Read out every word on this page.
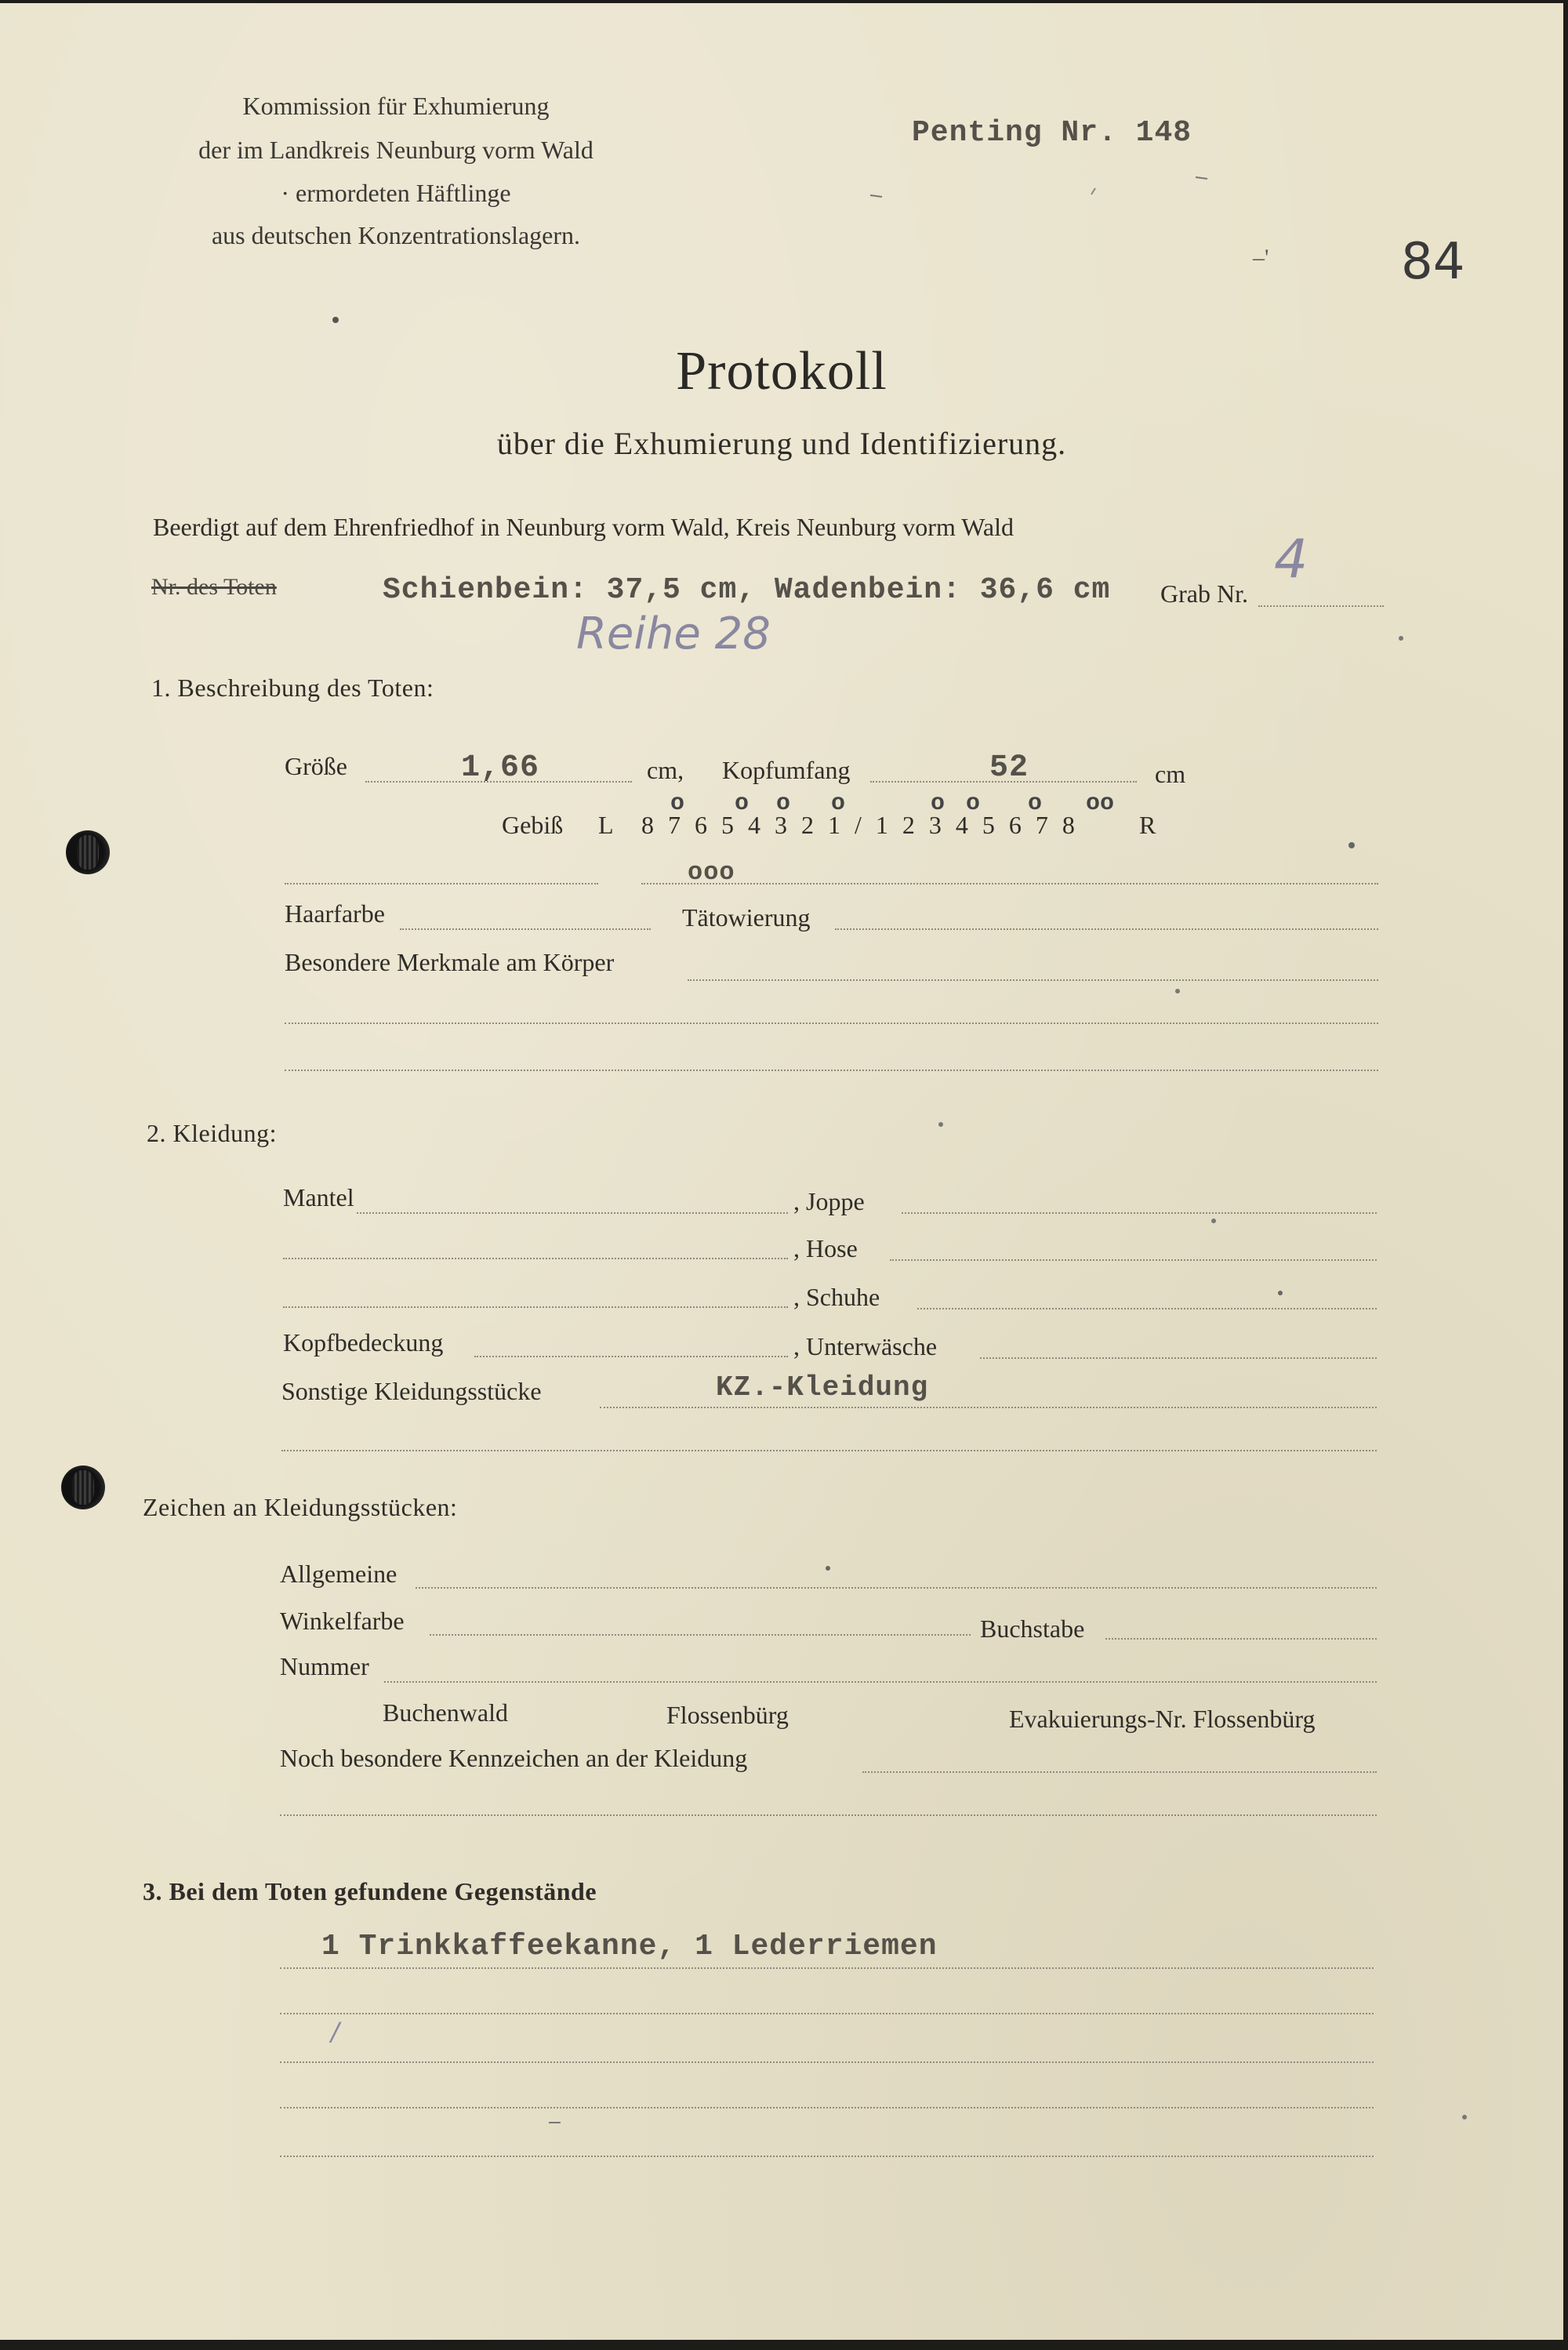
Kommission für Exhumierung
der im Landkreis Neunburg vorm Wald
· ermordeten Häftlinge
aus deutschen Konzentrationslagern.
Penting Nr. 148
–'	84
Protokoll
über die Exhumierung und Identifizierung.
Beerdigt auf dem Ehrenfriedhof in Neunburg vorm Wald, Kreis Neunburg vorm Wald
Nr. des Toten	Schienbein: 37,5 cm, Wadenbein: 36,6 cm Grab Nr.
4
Reihe 28
1. Beschreibung des Toten:
Größe	1,66	cm, Kopfumfang	52	cm
Gebiß L 8 7 6 5 4 3 2 1 / 1 2 3 4 5 6 7 8 R
o o o o	o o o oo
ooo
Haarfarbe	Tätowierung
Besondere Merkmale am Körper
2. Kleidung:
Mantel	, Joppe
, Hose
, Schuhe
Kopfbedeckung	, Unterwäsche
Sonstige Kleidungsstücke	KZ.-Kleidung
Zeichen an Kleidungsstücken:
Allgemeine
Winkelfarbe	Buchstabe
Nummer
Buchenwald	Flossenbürg	Evakuierungs-Nr. Flossenbürg
Noch besondere Kennzeichen an der Kleidung
3. Bei dem Toten gefundene Gegenstände
1 Trinkkaffeekanne, 1 Lederriemen
/
